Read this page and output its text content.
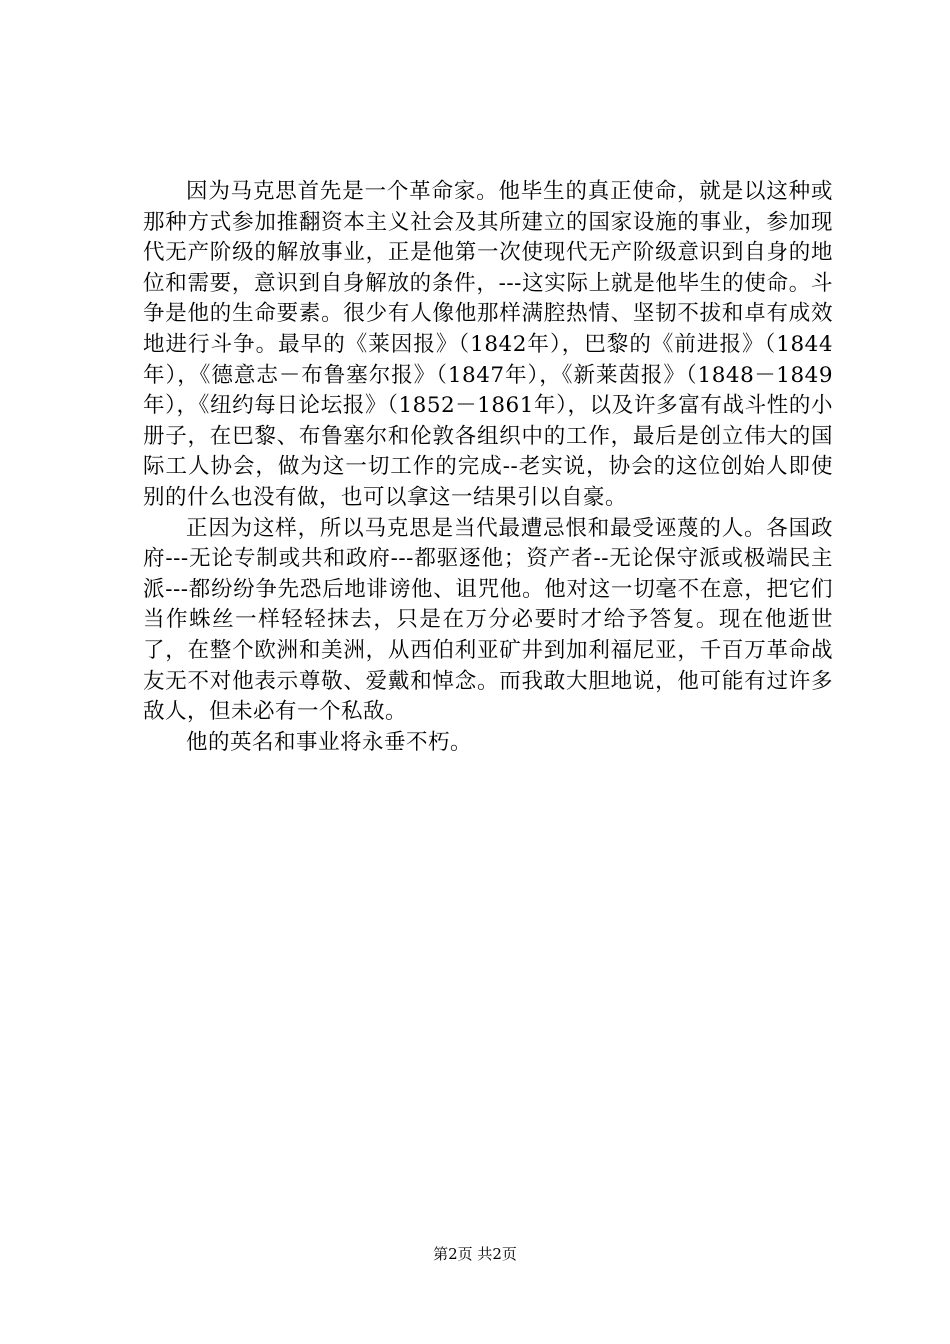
因为马克思首先是一个革命家。他毕生的真正使命，就是以这种或那种方式参加推翻资本主义社会及其所建立的国家设施的事业，参加现代无产阶级的解放事业，正是他第一次使现代无产阶级意识到自身的地位和需要，意识到自身解放的条件，---这实际上就是他毕生的使命。斗争是他的生命要素。很少有人像他那样满腔热情、坚韧不拔和卓有成效地进行斗争。最早的《莱因报》（1842年），巴黎的《前进报》（1844年），《德意志－布鲁塞尔报》（1847年），《新莱茵报》（1848－1849年），《纽约每日论坛报》（1852－1861年），以及许多富有战斗性的小册子，在巴黎、布鲁塞尔和伦敦各组织中的工作，最后是创立伟大的国际工人协会，做为这一切工作的完成--老实说，协会的这位创始人即使别的什么也没有做，也可以拿这一结果引以自豪。

正因为这样，所以马克思是当代最遭忌恨和最受诬蔑的人。各国政府---无论专制或共和政府---都驱逐他；资产者--无论保守派或极端民主派---都纷纷争先恐后地诽谤他、诅咒他。他对这一切毫不在意，把它们当作蛛丝一样轻轻抹去，只是在万分必要时才给予答复。现在他逝世了，在整个欧洲和美洲，从西伯利亚矿井到加利福尼亚，千百万革命战友无不对他表示尊敬、爱戴和悼念。而我敢大胆地说，他可能有过许多敌人，但未必有一个私敌。

他的英名和事业将永垂不朽。

第2页 共2页
